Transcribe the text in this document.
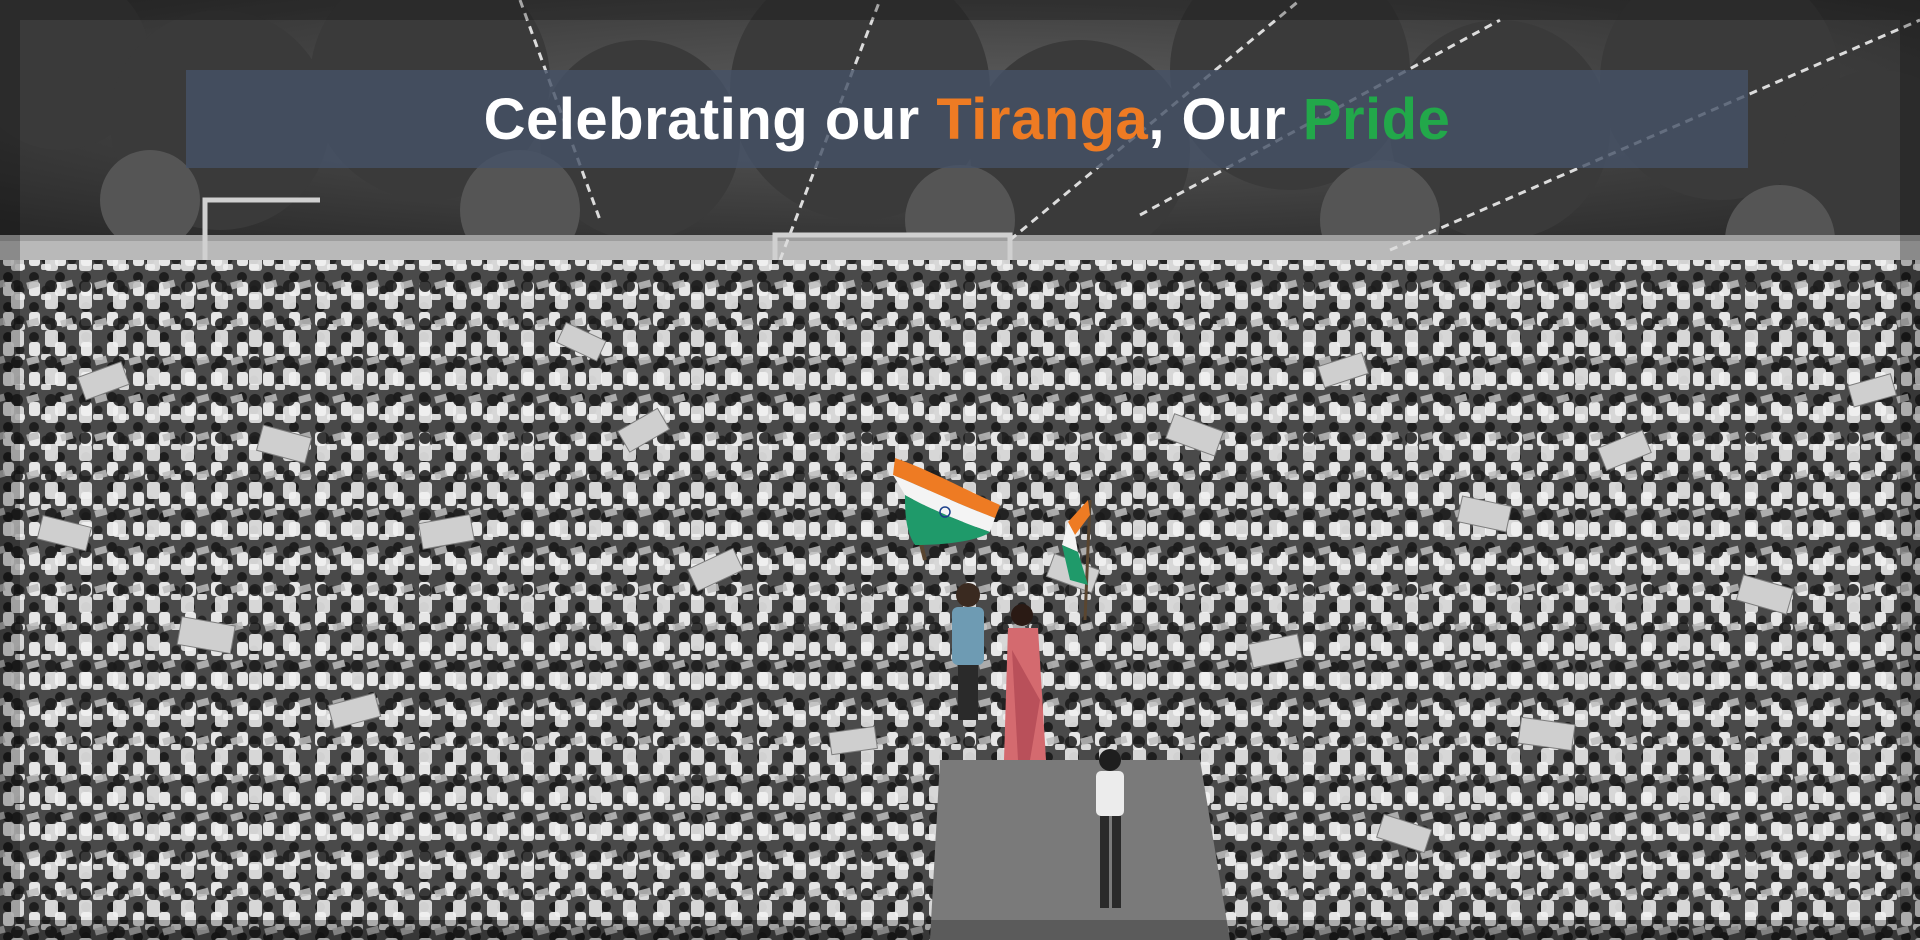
Celebrating our Tiranga, Our Pride
